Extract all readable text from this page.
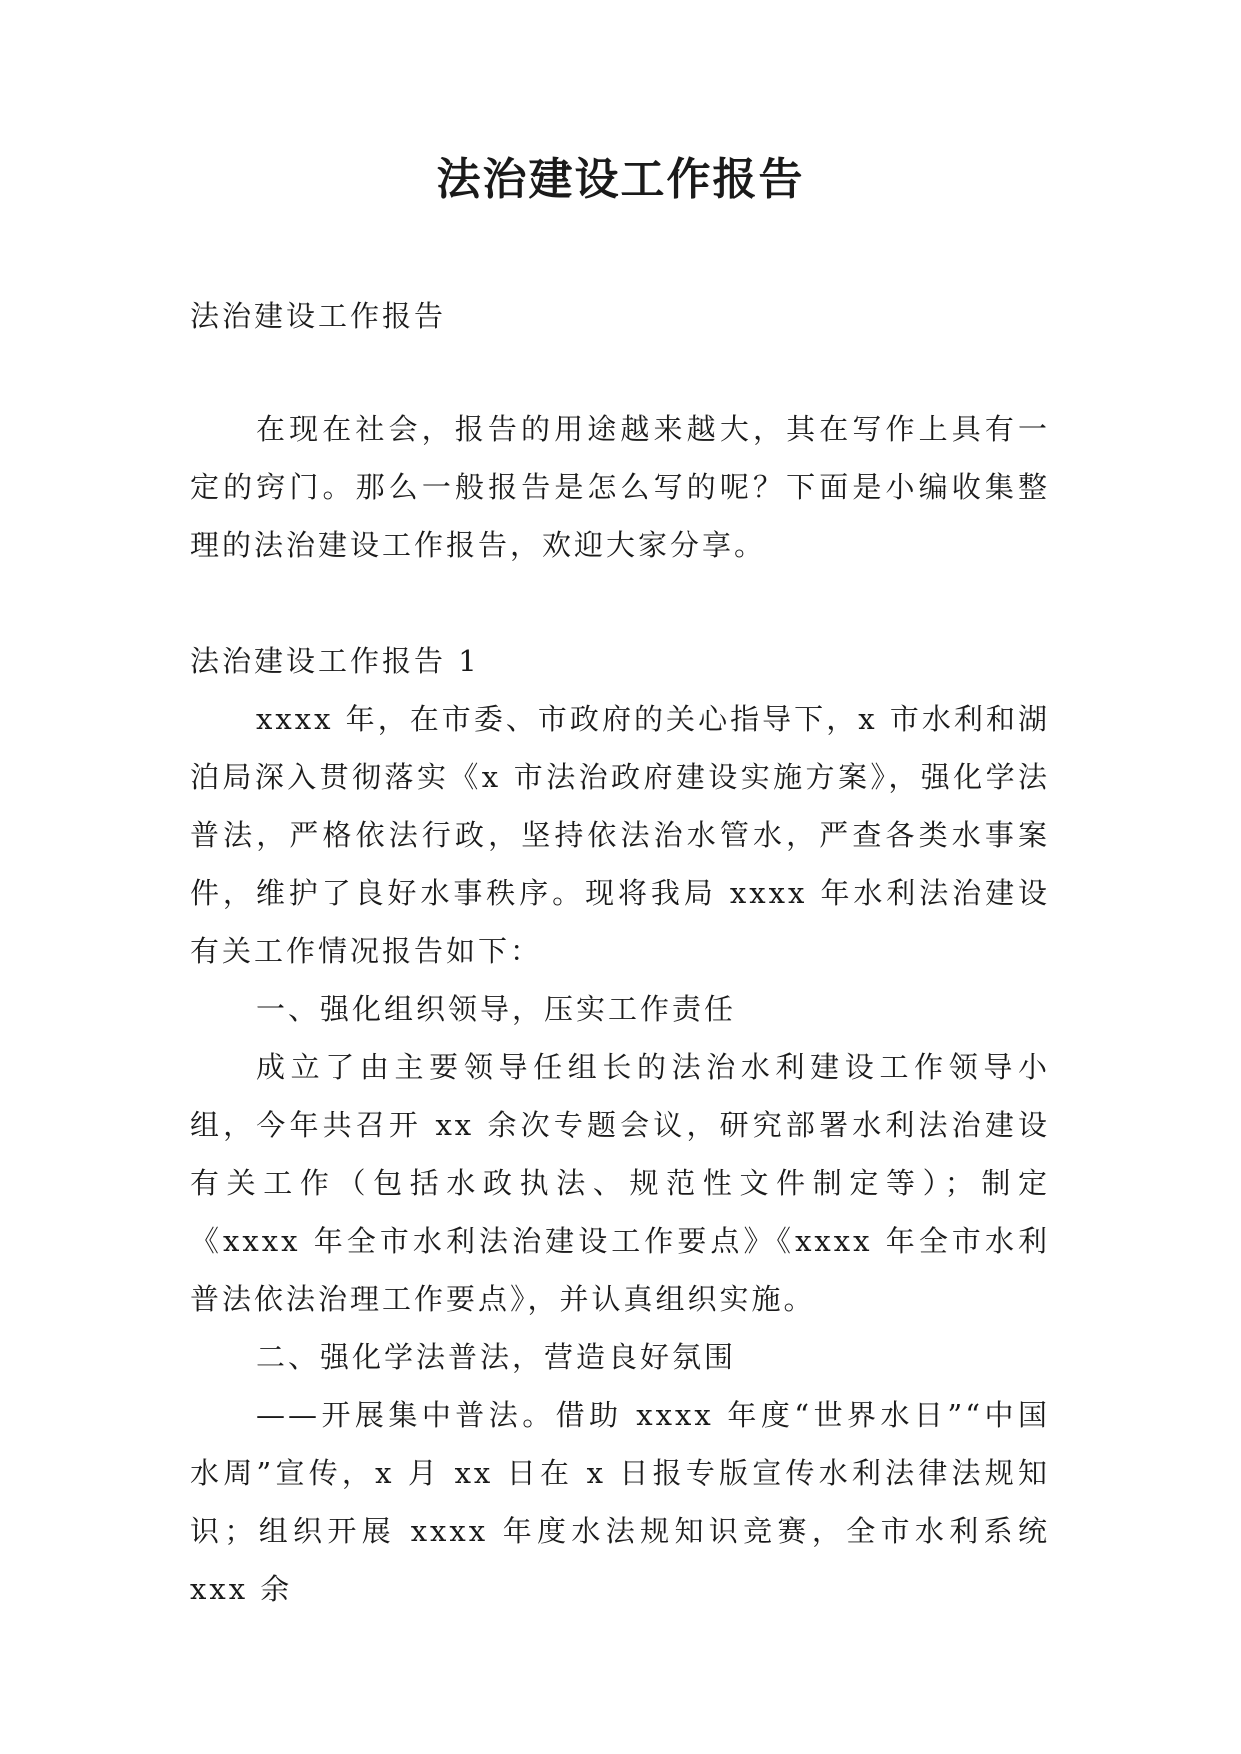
法治建设工作报告

法治建设工作报告

在现在社会，报告的用途越来越大，其在写作上具有一定的窍门。那么一般报告是怎么写的呢？下面是小编收集整理的法治建设工作报告，欢迎大家分享。

法治建设工作报告 1

xxxx 年，在市委、市政府的关心指导下，x 市水利和湖泊局深入贯彻落实《x 市法治政府建设实施方案》，强化学法普法，严格依法行政，坚持依法治水管水，严查各类水事案件，维护了良好水事秩序。现将我局 xxxx 年水利法治建设有关工作情况报告如下：

一、强化组织领导，压实工作责任

成立了由主要领导任组长的法治水利建设工作领导小组，今年共召开 xx 余次专题会议，研究部署水利法治建设有关工作（包括水政执法、规范性文件制定等）；制定《xxxx 年全市水利法治建设工作要点》《xxxx 年全市水利普法依法治理工作要点》，并认真组织实施。

二、强化学法普法，营造良好氛围

——开展集中普法。借助 xxxx 年度“世界水日”“中国水周”宣传，x 月 xx 日在 x 日报专版宣传水利法律法规知识；组织开展 xxxx 年度水法规知识竞赛，全市水利系统 xxx 余
